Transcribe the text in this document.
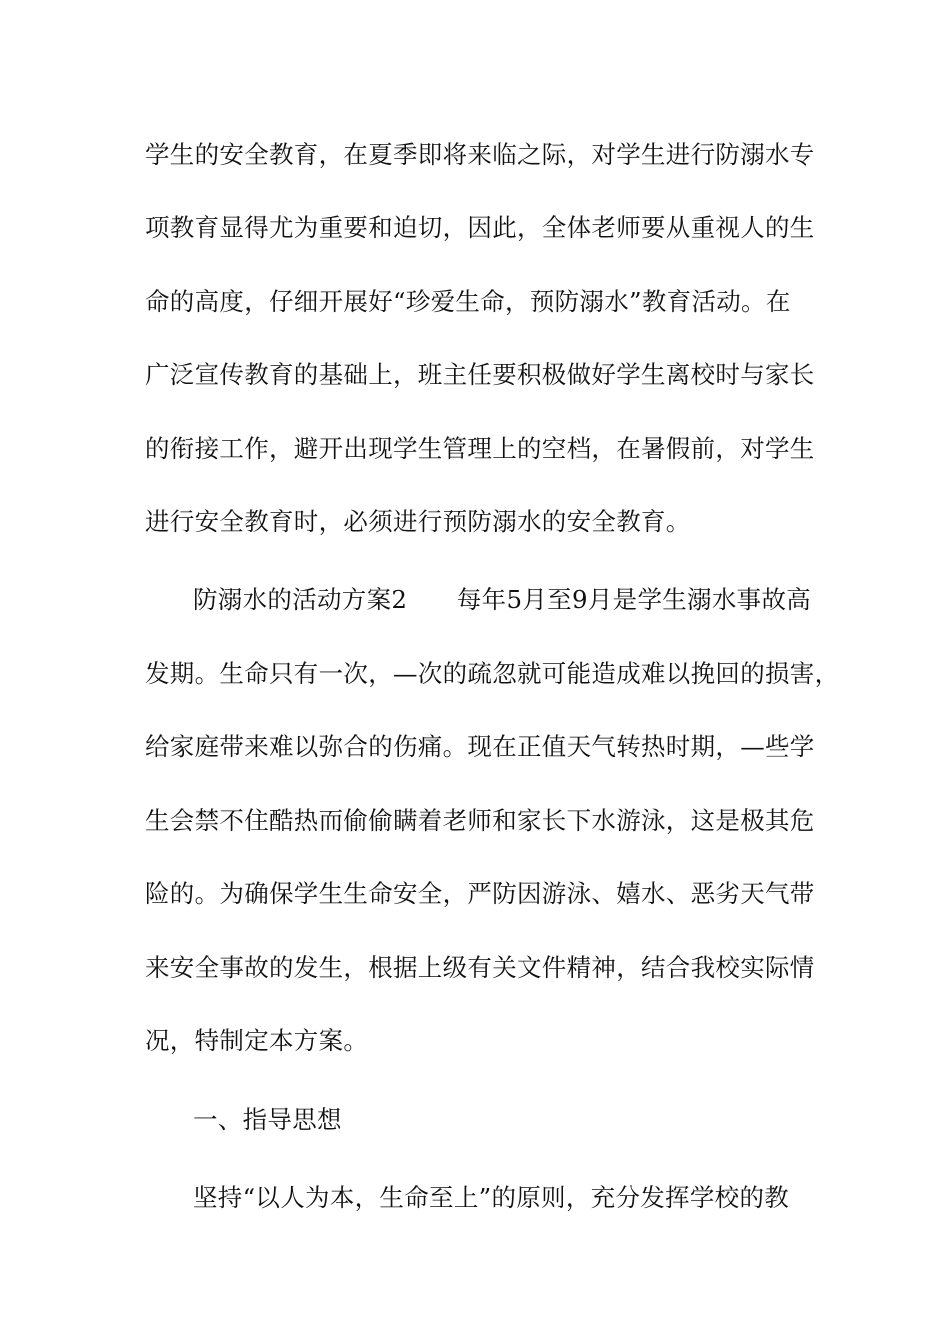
学生的安全教育，在夏季即将来临之际，对学生进行防溺水专
项教育显得尤为重要和迫切，因此，全体老师要从重视人的生
命的高度，仔细开展好“珍爱生命，预防溺水”教育活动。在
广泛宣传教育的基础上，班主任要积极做好学生离校时与家长
的衔接工作，避开出现学生管理上的空档，在暑假前，对学生
进行安全教育时，必须进行预防溺水的安全教育。
防溺水的活动方案2　　每年5月至9月是学生溺水事故高
发期。生命只有一次，—次的疏忽就可能造成难以挽回的损害，
给家庭带来难以弥合的伤痛。现在正值天气转热时期，—些学
生会禁不住酷热而偷偷瞒着老师和家长下水游泳，这是极其危
险的。为确保学生生命安全，严防因游泳、嬉水、恶劣天气带
来安全事故的发生，根据上级有关文件精神，结合我校实际情
况，特制定本方案。
一、指导思想
坚持“以人为本，生命至上”的原则，充分发挥学校的教
